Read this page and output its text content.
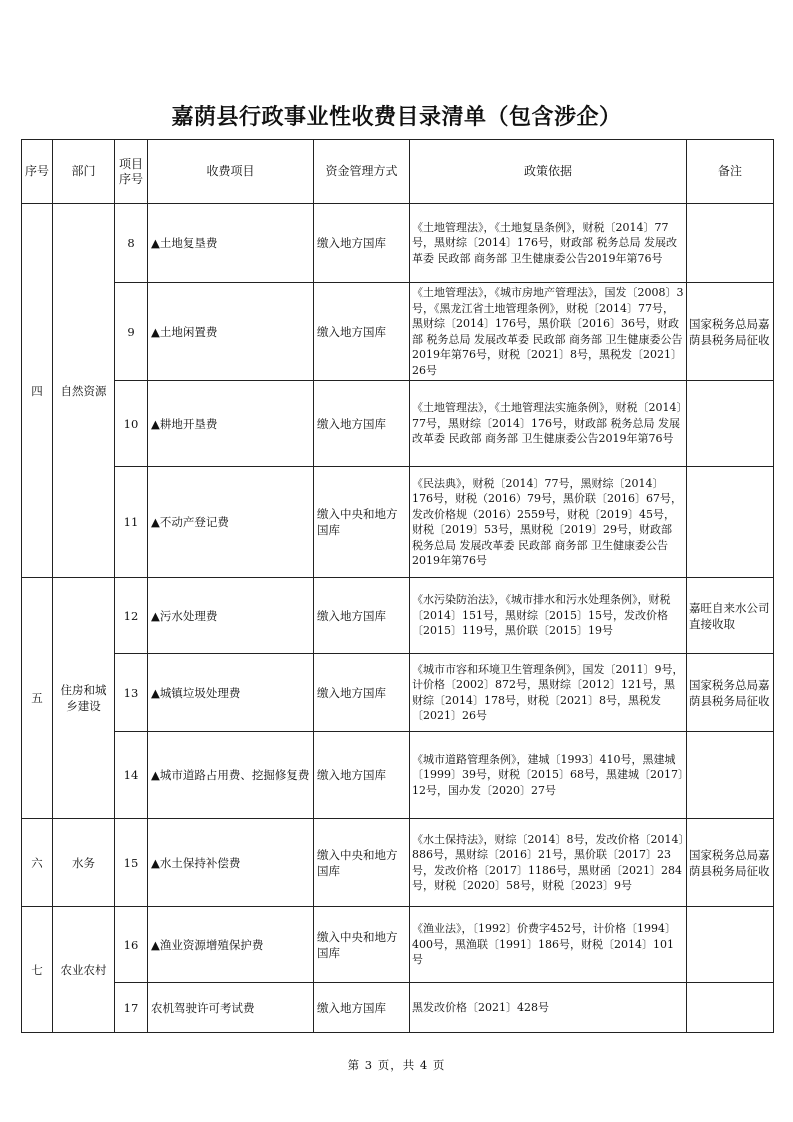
嘉荫县行政事业性收费目录清单（包含涉企）
序号	部门	项目序号	收费项目	资金管理方式	政策依据	备注
四	自然资源	8	▲土地复垦费	缴入地方国库	《土地管理法》，《土地复垦条例》，财税〔2014〕77号，黑财综〔2014〕176号，财政部 税务总局 发展改革委 民政部 商务部 卫生健康委公告2019年第76号	
		9	▲土地闲置费	缴入地方国库	《土地管理法》，《城市房地产管理法》，国发〔2008〕3号，《黑龙江省土地管理条例》，财税〔2014〕77号，黑财综〔2014〕176号，黑价联〔2016〕36号，财政部 税务总局 发展改革委 民政部 商务部 卫生健康委公告2019年第76号，财税〔2021〕8号，黑税发〔2021〕26号	国家税务总局嘉荫县税务局征收
		10	▲耕地开垦费	缴入地方国库	《土地管理法》，《土地管理法实施条例》，财税〔2014〕77号，黑财综〔2014〕176号，财政部 税务总局 发展改革委 民政部 商务部 卫生健康委公告2019年第76号	
		11	▲不动产登记费	缴入中央和地方国库	《民法典》，财税〔2014〕77号，黑财综〔2014〕176号，财税（2016）79号，黑价联〔2016〕67号，发改价格规（2016）2559号，财税〔2019〕45号，财税〔2019〕53号，黑财税〔2019〕29号，财政部 税务总局 发展改革委 民政部 商务部 卫生健康委公告2019年第76号	
五	住房和城乡建设	12	▲污水处理费	缴入地方国库	《水污染防治法》，《城市排水和污水处理条例》，财税〔2014〕151号，黑财综〔2015〕15号，发改价格〔2015〕119号，黑价联〔2015〕19号	嘉旺自来水公司直接收取
		13	▲城镇垃圾处理费	缴入地方国库	《城市市容和环境卫生管理条例》，国发〔2011〕9号，计价格〔2002〕872号，黑财综〔2012〕121号，黑财综〔2014〕178号，财税〔2021〕8号，黑税发〔2021〕26号	国家税务总局嘉荫县税务局征收
		14	▲城市道路占用费、挖掘修复费	缴入地方国库	《城市道路管理条例》，建城〔1993〕410号，黑建城〔1999〕39号，财税〔2015〕68号，黑建城〔2017〕12号，国办发〔2020〕27号	
六	水务	15	▲水土保持补偿费	缴入中央和地方国库	《水土保持法》，财综〔2014〕8号，发改价格〔2014〕886号，黑财综〔2016〕21号，黑价联〔2017〕23号，发改价格〔2017〕1186号，黑财函〔2021〕284号，财税〔2020〕58号，财税〔2023〕9号	国家税务总局嘉荫县税务局征收
七	农业农村	16	▲渔业资源增殖保护费	缴入中央和地方国库	《渔业法》，〔1992〕价费字452号，计价格〔1994〕400号，黑渔联〔1991〕186号，财税〔2014〕101号	
		17	农机驾驶许可考试费	缴入地方国库	黑发改价格〔2021〕428号	
第 3 页，共 4 页
